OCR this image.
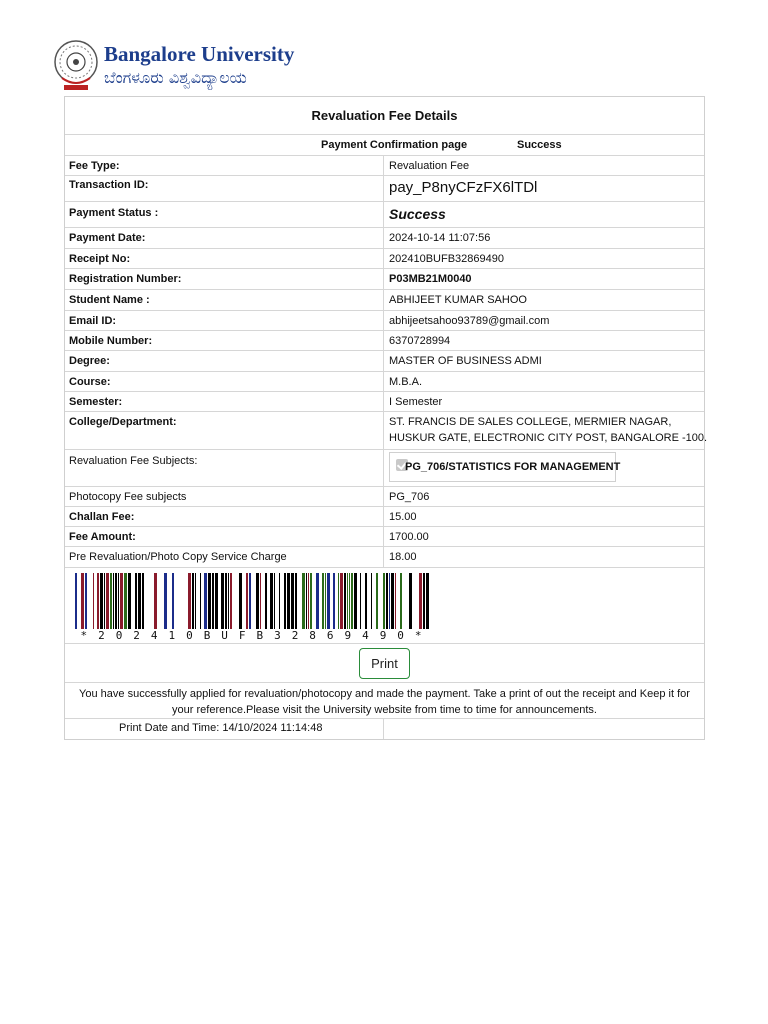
Bangalore University
ಬೆಂಗಳೂರು ವಿಶ್ವವಿದ್ಯಾಲಯ
Revaluation Fee Details
Payment Confirmation page	Success
Fee Type:	Revaluation Fee
Transaction ID:	pay_P8nyCFzFX6lTDl
Payment Status :	Success
Payment Date:	2024-10-14 11:07:56
Receipt No:	202410BUFB32869490
Registration Number:	P03MB21M0040
Student Name :	ABHIJEET KUMAR SAHOO
Email ID:	abhijeetsahoo93789@gmail.com
Mobile Number:	6370728994
Degree:	MASTER OF BUSINESS ADMI
Course:	M.B.A.
Semester:	I Semester
College/Department:	ST. FRANCIS DE SALES COLLEGE, MERMIER NAGAR,
HUSKUR GATE, ELECTRONIC CITY POST, BANGALORE -100.
Revaluation Fee Subjects:	PG_706/STATISTICS FOR MANAGEMENT
Photocopy Fee subjects	PG_706
Challan Fee:	15.00
Fee Amount:	1700.00
Pre Revaluation/Photo Copy Service Charge	18.00
* 2 0 2 4 1 0 B U F B 3 2 8 6 9 4 9 0 *
Print
You have successfully applied for revaluation/photocopy and made the payment. Take a print of out the receipt and Keep it for
your reference.Please visit the University website from time to time for announcements.
Print Date and Time: 14/10/2024 11:14:48
